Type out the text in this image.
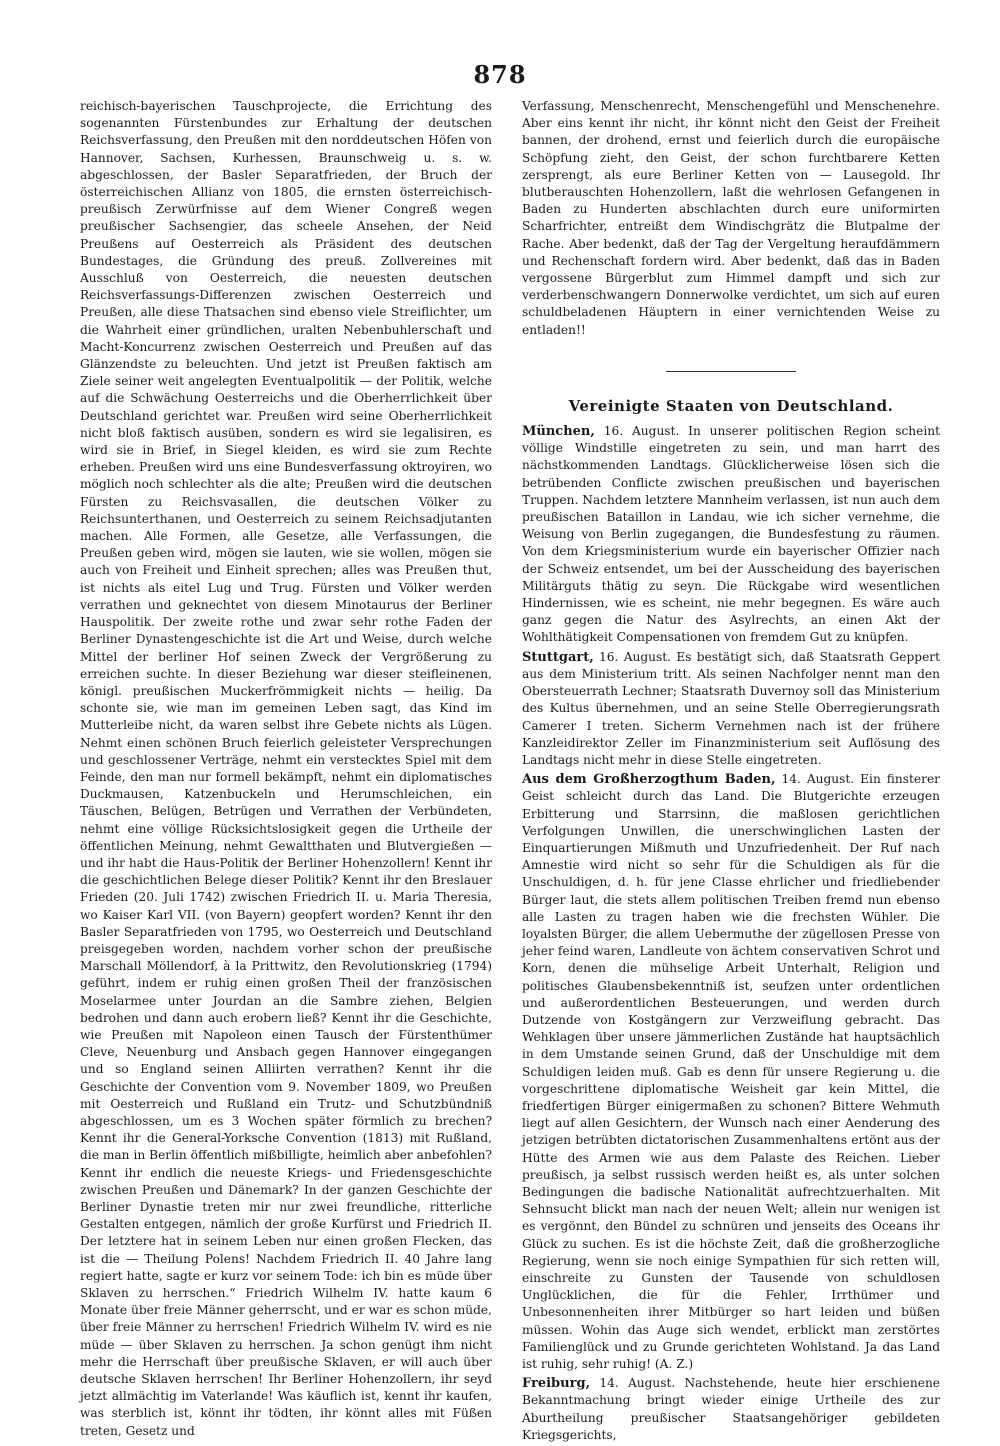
878

reichisch-bayerischen Tauschprojecte, die Errichtung des sogenannten Fürstenbundes zur Erhaltung der deutschen Reichsverfassung, den Preußen mit den norddeutschen Höfen von Hannover, Sachsen, Kurhessen, Braunschweig u. s. w. abgeschlossen, der Basler Separatfrieden, der Bruch der österreichischen Allianz von 1805, die ernsten österreichisch-preußisch Zerwürfnisse auf dem Wiener Congreß wegen preußischer Sachsengier, das scheele Ansehen, der Neid Preußens auf Oesterreich als Präsident des deutschen Bundestages, die Gründung des preuß. Zollvereines mit Ausschluß von Oesterreich, die neuesten deutschen Reichsverfassungs-Differenzen zwischen Oesterreich und Preußen, alle diese Thatsachen sind ebenso viele Streiflichter, um die Wahrheit einer gründlichen, uralten Nebenbuhlerschaft und Macht-Koncurrenz zwischen Oesterreich und Preußen auf das Glänzendste zu beleuchten. Und jetzt ist Preußen faktisch am Ziele seiner weit angelegten Eventualpolitik — der Politik, welche auf die Schwächung Oesterreichs und die Oberherrlichkeit über Deutschland gerichtet war. Preußen wird seine Oberherrlichkeit nicht bloß faktisch ausüben, sondern es wird sie legalisiren, es wird sie in Brief, in Siegel kleiden, es wird sie zum Rechte erheben. Preußen wird uns eine Bundesverfassung oktroyiren, wo möglich noch schlechter als die alte; Preußen wird die deutschen Fürsten zu Reichsvasallen, die deutschen Völker zu Reichsunterthanen, und Oesterreich zu seinem Reichsadjutanten machen. Alle Formen, alle Gesetze, alle Verfassungen, die Preußen geben wird, mögen sie lauten, wie sie wollen, mögen sie auch von Freiheit und Einheit sprechen; alles was Preußen thut, ist nichts als eitel Lug und Trug. Fürsten und Völker werden verrathen und geknechtet von diesem Minotaurus der Berliner Hauspolitik. Der zweite rothe und zwar sehr rothe Faden der Berliner Dynastengeschichte ist die Art und Weise, durch welche Mittel der berliner Hof seinen Zweck der Vergrößerung zu erreichen suchte. In dieser Beziehung war dieser steifleinenen, königl. preußischen Muckerfrömmigkeit nichts — heilig. Da schonte sie, wie man im gemeinen Leben sagt, das Kind im Mutterleibe nicht, da waren selbst ihre Gebete nichts als Lügen. Nehmt einen schönen Bruch feierlich geleisteter Versprechungen und geschlossener Verträge, nehmt ein verstecktes Spiel mit dem Feinde, den man nur formell bekämpft, nehmt ein diplomatisches Duckmausen, Katzenbuckeln und Herumschleichen, ein Täuschen, Belügen, Betrügen und Verrathen der Verbündeten, nehmt eine völlige Rücksichtslosigkeit gegen die Urtheile der öffentlichen Meinung, nehmt Gewaltthaten und Blutvergießen — und ihr habt die Haus-Politik der Berliner Hohenzollern! Kennt ihr die geschichtlichen Belege dieser Politik? Kennt ihr den Breslauer Frieden (20. Juli 1742) zwischen Friedrich II. u. Maria Theresia, wo Kaiser Karl VII. (von Bayern) geopfert worden? Kennt ihr den Basler Separatfrieden von 1795, wo Oesterreich und Deutschland preisgegeben worden, nachdem vorher schon der preußische Marschall Möllendorf, à la Prittwitz, den Revolutionskrieg (1794) geführt, indem er ruhig einen großen Theil der französischen Moselarmee unter Jourdan an die Sambre ziehen, Belgien bedrohen und dann auch erobern ließ? Kennt ihr die Geschichte, wie Preußen mit Napoleon einen Tausch der Fürstenthümer Cleve, Neuenburg und Ansbach gegen Hannover eingegangen und so England seinen Alliirten verrathen? Kennt ihr die Geschichte der Convention vom 9. November 1809, wo Preußen mit Oesterreich und Rußland ein Trutz- und Schutzbündniß abgeschlossen, um es 3 Wochen später förmlich zu brechen? Kennt ihr die General-Yorksche Convention (1813) mit Rußland, die man in Berlin öffentlich mißbilligte, heimlich aber anbefohlen? Kennt ihr endlich die neueste Kriegs- und Friedensgeschichte zwischen Preußen und Dänemark? In der ganzen Geschichte der Berliner Dynastie treten mir nur zwei freundliche, ritterliche Gestalten entgegen, nämlich der große Kurfürst und Friedrich II. Der letztere hat in seinem Leben nur einen großen Flecken, das ist die — Theilung Polens! Nachdem Friedrich II. 40 Jahre lang regiert hatte, sagte er kurz vor seinem Tode: ich bin es müde über Sklaven zu herrschen.“ Friedrich Wilhelm IV. hatte kaum 6 Monate über freie Männer geherrscht, und er war es schon müde, über freie Männer zu herrschen! Friedrich Wilhelm IV. wird es nie müde — über Sklaven zu herrschen. Ja schon genügt ihm nicht mehr die Herrschaft über preußische Sklaven, er will auch über deutsche Sklaven herrschen! Ihr Berliner Hohenzollern, ihr seyd jetzt allmächtig im Vaterlande! Was käuflich ist, kennt ihr kaufen, was sterblich ist, könnt ihr tödten, ihr könnt alles mit Füßen treten, Gesetz und

Verfassung, Menschenrecht, Menschengefühl und Menschenehre. Aber eins kennt ihr nicht, ihr könnt nicht den Geist der Freiheit bannen, der drohend, ernst und feierlich durch die europäische Schöpfung zieht, den Geist, der schon furchtbarere Ketten zersprengt, als eure Berliner Ketten von — Lausegold. Ihr blutberauschten Hohenzollern, laßt die wehrlosen Gefangenen in Baden zu Hunderten abschlachten durch eure uniformirten Scharfrichter, entreißt dem Windischgrätz die Blutpalme der Rache. Aber bedenkt, daß der Tag der Vergeltung heraufdämmern und Rechenschaft fordern wird. Aber bedenkt, daß das in Baden vergossene Bürgerblut zum Himmel dampft und sich zur verderbenschwangern Donnerwolke verdichtet, um sich auf euren schuldbeladenen Häuptern in einer vernichtenden Weise zu entladen!!

Vereinigte Staaten von Deutschland.

München, 16. August. In unserer politischen Region scheint völlige Windstille eingetreten zu sein, und man harrt des nächstkommenden Landtags. Glücklicherweise lösen sich die betrübenden Conflicte zwischen preußischen und bayerischen Truppen. Nachdem letztere Mannheim verlassen, ist nun auch dem preußischen Bataillon in Landau, wie ich sicher vernehme, die Weisung von Berlin zugegangen, die Bundesfestung zu räumen. Von dem Kriegsministerium wurde ein bayerischer Offizier nach der Schweiz entsendet, um bei der Ausscheidung des bayerischen Militärguts thätig zu seyn. Die Rückgabe wird wesentlichen Hindernissen, wie es scheint, nie mehr begegnen. Es wäre auch ganz gegen die Natur des Asylrechts, an einen Akt der Wohlthätigkeit Compensationen von fremdem Gut zu knüpfen.

Stuttgart, 16. August. Es bestätigt sich, daß Staatsrath Geppert aus dem Ministerium tritt. Als seinen Nachfolger nennt man den Obersteuerrath Lechner; Staatsrath Duvernoy soll das Ministerium des Kultus übernehmen, und an seine Stelle Oberregierungsrath Camerer I treten. Sicherm Vernehmen nach ist der frühere Kanzleidirektor Zeller im Finanzministerium seit Auflösung des Landtags nicht mehr in diese Stelle eingetreten.

Aus dem Großherzogthum Baden, 14. August. Ein finsterer Geist schleicht durch das Land. Die Blutgerichte erzeugen Erbitterung und Starrsinn, die maßlosen gerichtlichen Verfolgungen Unwillen, die unerschwinglichen Lasten der Einquartierungen Mißmuth und Unzufriedenheit. Der Ruf nach Amnestie wird nicht so sehr für die Schuldigen als für die Unschuldigen, d. h. für jene Classe ehrlicher und friedliebender Bürger laut, die stets allem politischen Treiben fremd nun ebenso alle Lasten zu tragen haben wie die frechsten Wühler. Die loyalsten Bürger, die allem Uebermuthe der zügellosen Presse von jeher feind waren, Landleute von ächtem conservativen Schrot und Korn, denen die mühselige Arbeit Unterhalt, Religion und politisches Glaubensbekenntniß ist, seufzen unter ordentlichen und außerordentlichen Besteuerungen, und werden durch Dutzende von Kostgängern zur Verzweiflung gebracht. Das Wehklagen über unsere jämmerlichen Zustände hat hauptsächlich in dem Umstande seinen Grund, daß der Unschuldige mit dem Schuldigen leiden muß. Gab es denn für unsere Regierung u. die vorgeschrittene diplomatische Weisheit gar kein Mittel, die friedfertigen Bürger einigermaßen zu schonen? Bittere Wehmuth liegt auf allen Gesichtern, der Wunsch nach einer Aenderung des jetzigen betrübten dictatorischen Zusammenhaltens ertönt aus der Hütte des Armen wie aus dem Palaste des Reichen. Lieber preußisch, ja selbst russisch werden heißt es, als unter solchen Bedingungen die badische Nationalität aufrechtzuerhalten. Mit Sehnsucht blickt man nach der neuen Welt; allein nur wenigen ist es vergönnt, den Bündel zu schnüren und jenseits des Oceans ihr Glück zu suchen. Es ist die höchste Zeit, daß die großherzogliche Regierung, wenn sie noch einige Sympathien für sich retten will, einschreite zu Gunsten der Tausende von schuldlosen Unglücklichen, die für die Fehler, Irrthümer und Unbesonnenheiten ihrer Mitbürger so hart leiden und büßen müssen. Wohin das Auge sich wendet, erblickt man zerstörtes Familienglück und zu Grunde gerichteten Wohlstand. Ja das Land ist ruhig, sehr ruhig! (A. Z.)

Freiburg, 14. August. Nachstehende, heute hier erschienene Bekanntmachung bringt wieder einige Urtheile des zur Aburtheilung preußischer Staatsangehöriger gebildeten Kriegsgerichts,
